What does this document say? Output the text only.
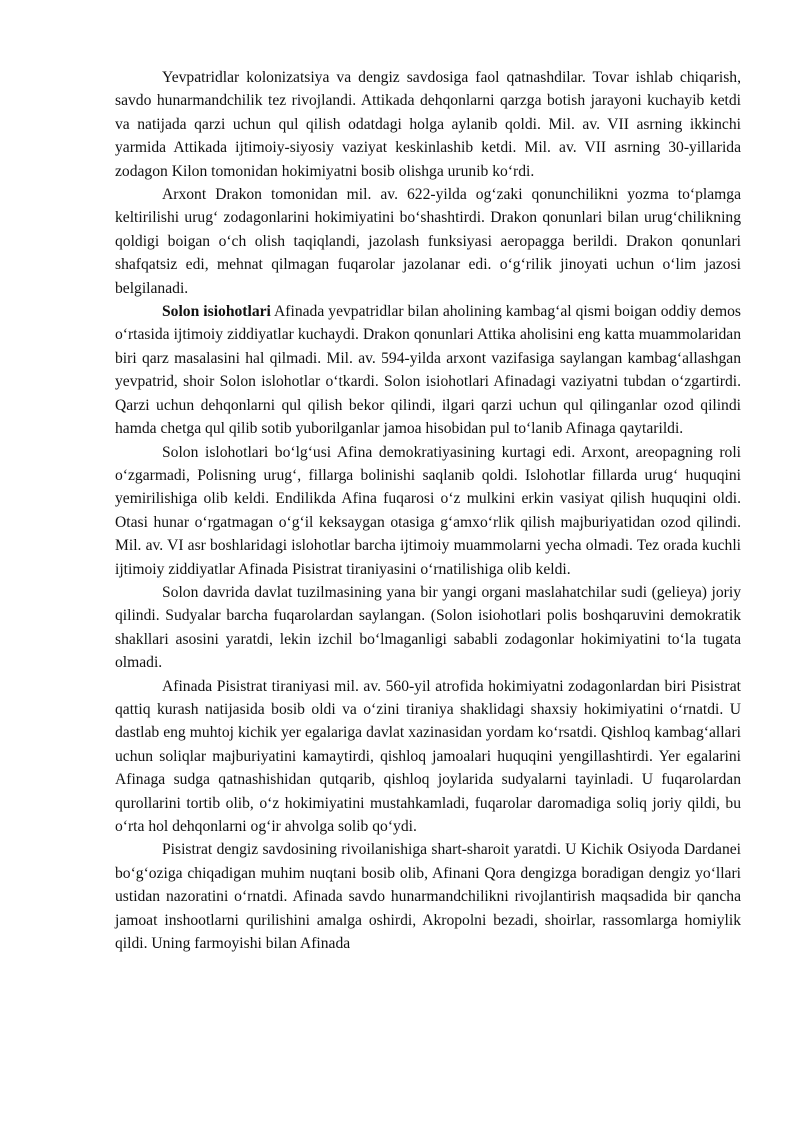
Yevpatridlar kolonizatsiya va dengiz savdosiga faol qatnashdilar. Tovar ishlab chiqarish, savdo hunarmandchilik tez rivojlandi. Attikada dehqonlarni qarzga botish jarayoni kuchayib ketdi va natijada qarzi uchun qul qilish odatdagi holga aylanib qoldi. Mil. av. VII asrning ikkinchi yarmida Attikada ijtimoiy-siyosiy vaziyat keskinlashib ketdi. Mil. av. VII asrning 30-yillarida zodagon Kilon tomonidan hokimiyatni bosib olishga urunib koʻrdi.

Arxont Drakon tomonidan mil. av. 622-yilda ogʻzaki qonunchilikni yozma toʻplamga keltirilishi urugʻ zodagonlarini hokimiyatini boʻshashtirdi. Drakon qonunlari bilan urugʻchilikning qoldigi boigan oʻch olish taqiqlandi, jazolash funksiyasi aeropagga berildi. Drakon qonunlari shafqatsiz edi, mehnat qilmagan fuqarolar jazolanar edi. oʻgʻrilik jinoyati uchun oʻlim jazosi belgilanadi.

Solon isiohotlari Afinada yevpatridlar bilan aholining kambagʻal qismi boigan oddiy demos oʻrtasida ijtimoiy ziddiyatlar kuchaydi. Drakon qonunlari Attika aholisini eng katta muammolaridan biri qarz masalasini hal qilmadi. Mil. av. 594-yilda arxont vazifasiga saylangan kambagʻallashgan yevpatrid, shoir Solon islohotlar oʻtkardi. Solon isiohotlari Afinadagi vaziyatni tubdan oʻzgartirdi. Qarzi uchun dehqonlarni qul qilish bekor qilindi, ilgari qarzi uchun qul qilinganlar ozod qilindi hamda chetga qul qilib sotib yuborilganlar jamoa hisobidan pul toʻlanib Afinaga qaytarildi.

Solon islohotlari boʻlgʻusi Afina demokratiyasining kurtagi edi. Arxont, areopagning roli oʻzgarmadi, Polisning urugʻ, fillarga bolinishi saqlanib qoldi. Islohotlar fillarda urugʻ huquqini yemirilishiga olib keldi. Endilikda Afina fuqarosi oʻz mulkini erkin vasiyat qilish huquqini oldi. Otasi hunar oʻrgatmagan oʻgʻil keksaygan otasiga gʻamxoʻrlik qilish majburiyatidan ozod qilindi. Mil. av. VI asr boshlaridagi islohotlar barcha ijtimoiy muammolarni yecha olmadi. Tez orada kuchli ijtimoiy ziddiyatlar Afinada Pisistrat tiraniyasini oʻrnatilishiga olib keldi.

Solon davrida davlat tuzilmasining yana bir yangi organi maslahatchilar sudi (gelieya) joriy qilindi. Sudyalar barcha fuqarolardan saylangan. (Solon isiohotlari polis boshqaruvini demokratik shakllari asosini yaratdi, lekin izchil boʻlmaganligi sababli zodagonlar hokimiyatini toʻla tugata olmadi.

Afinada Pisistrat tiraniyasi mil. av. 560-yil atrofida hokimiyatni zodagonlardan biri Pisistrat qattiq kurash natijasida bosib oldi va oʻzini tiraniya shaklidagi shaxsiy hokimiyatini oʻrnatdi. U dastlab eng muhtoj kichik yer egalariga davlat xazinasidan yordam koʻrsatdi. Qishloq kambagʻallari uchun soliqlar majburiyatini kamaytirdi, qishloq jamoalari huquqini yengillashtirdi. Yer egalarini Afinaga sudga qatnashishidan qutqarib, qishloq joylarida sudyalarni tayinladi. U fuqarolardan qurollarini tortib olib, oʻz hokimiyatini mustahkamladi, fuqarolar daromadiga soliq joriy qildi, bu oʻrta hol dehqonlarni ogʻir ahvolga solib qoʻydi.

Pisistrat dengiz savdosining rivoilanishiga shart-sharoit yaratdi. U Kichik Osiyoda Dardanei boʻgʻoziga chiqadigan muhim nuqtani bosib olib, Afinani Qora dengizga boradigan dengiz yoʻllari ustidan nazoratini oʻrnatdi. Afinada savdo hunarmandchilikni rivojlantirish maqsadida bir qancha jamoat inshootlarni qurilishini amalga oshirdi, Akropolni bezadi, shoirlar, rassomlarga homiylik qildi. Uning farmoyishi bilan Afinada
